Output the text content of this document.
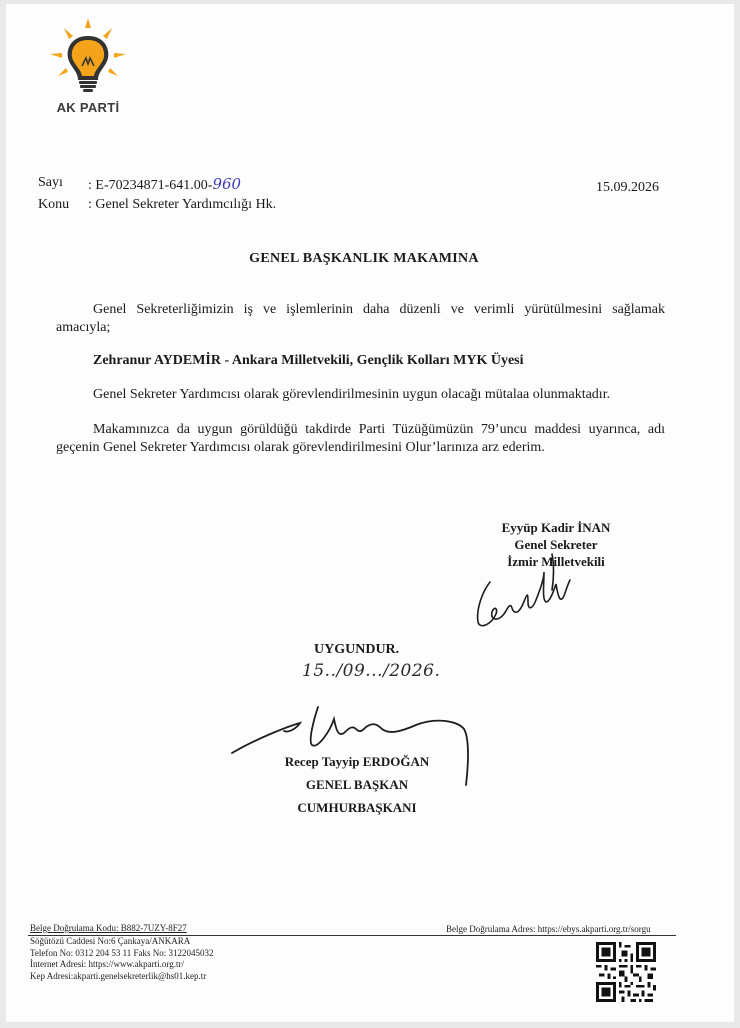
AK PARTİ
Sayı : E-70234871-641.00-960
Konu : Genel Sekreter Yardımcılığı Hk.
15.09.2026
GENEL BAŞKANLIK MAKAMINA
Genel Sekreterliğimizin iş ve işlemlerinin daha düzenli ve verimli yürütülmesini sağlamak
amacıyla;
Zehranur AYDEMİR - Ankara Milletvekili, Gençlik Kolları MYK Üyesi
Genel Sekreter Yardımcısı olarak görevlendirilmesinin uygun olacağı mütalaa olunmaktadır.
Makamınızca da uygun görüldüğü takdirde Parti Tüzüğümüzün 79’uncu maddesi uyarınca, adı
geçenin Genel Sekreter Yardımcısı olarak görevlendirilmesini Olur’larınıza arz ederim.
Eyyüp Kadir İNAN
Genel Sekreter
İzmir Milletvekili
UYGUNDUR.
15../09.../2026.
Recep Tayyip ERDOĞAN
GENEL BAŞKAN
CUMHURBAŞKANI
Belge Doğrulama Kodu: B882-7UZY-8F27	Belge Doğrulama Adres: https://ebys.akparti.org.tr/sorgu
Söğütözü Caddesi No:6 Çankaya/ANKARA
Telefon No: 0312 204 53 11 Faks No: 3122045032
İnternet Adresi: https://www.akparti.org.tr/
Kep Adresi:akparti.genelsekreterlik@hs01.kep.tr
